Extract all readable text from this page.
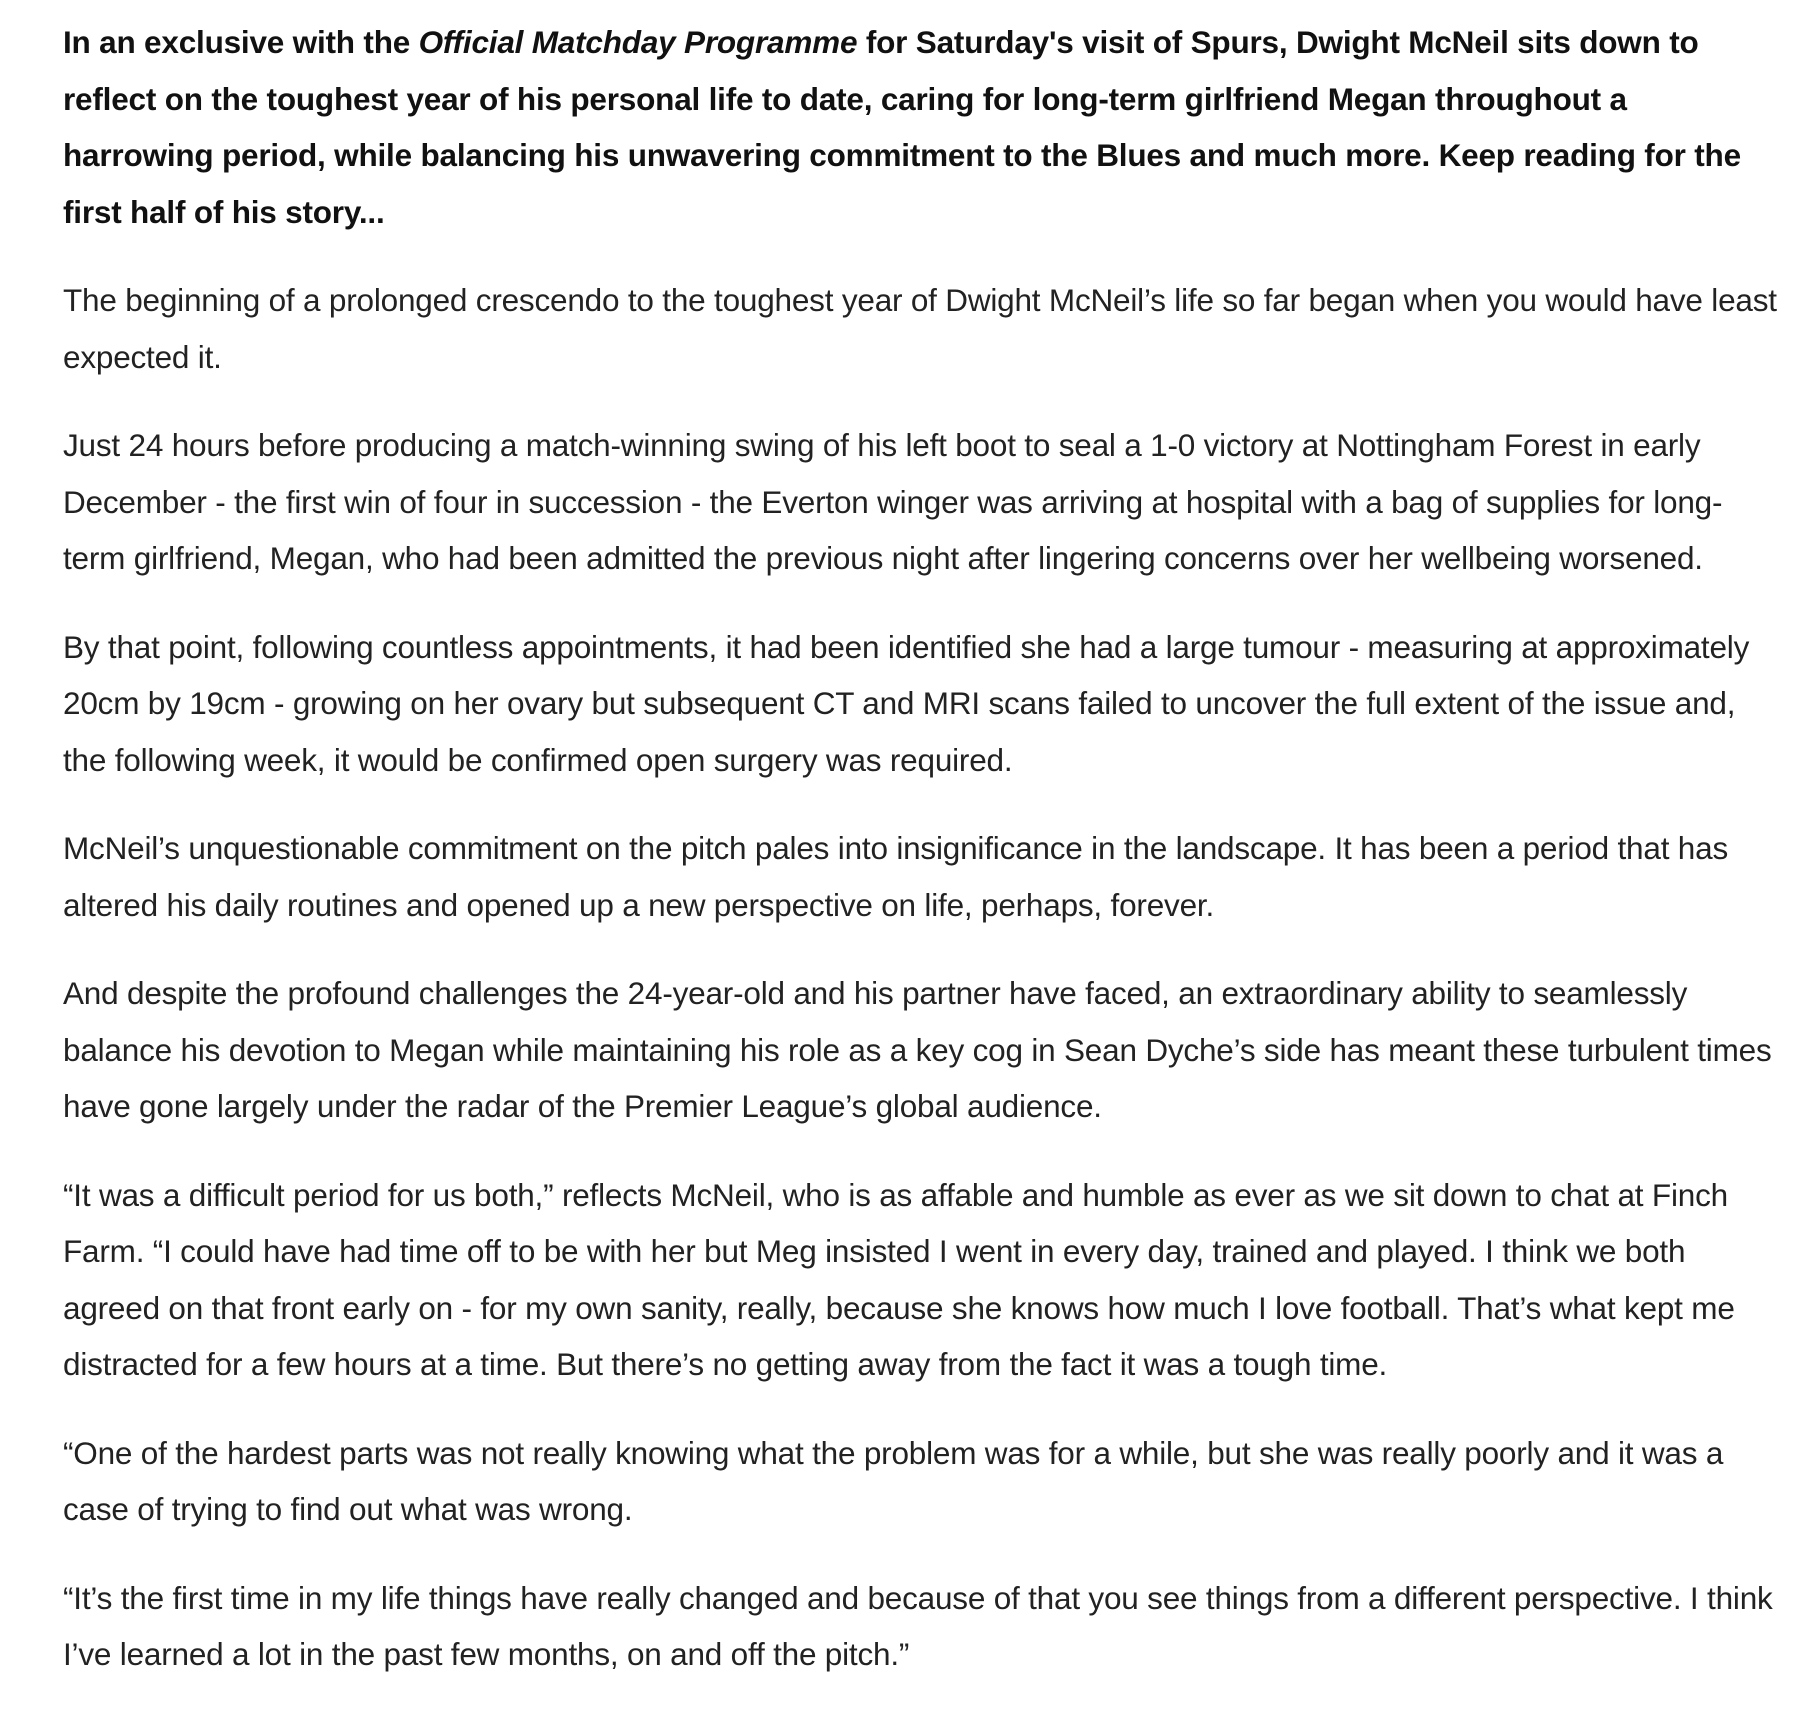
In an exclusive with the Official Matchday Programme for Saturday's visit of Spurs, Dwight McNeil sits down to reflect on the toughest year of his personal life to date, caring for long-term girlfriend Megan throughout a harrowing period, while balancing his unwavering commitment to the Blues and much more. Keep reading for the first half of his story...

The beginning of a prolonged crescendo to the toughest year of Dwight McNeil’s life so far began when you would have least expected it.

Just 24 hours before producing a match-winning swing of his left boot to seal a 1-0 victory at Nottingham Forest in early December - the first win of four in succession - the Everton winger was arriving at hospital with a bag of supplies for long-term girlfriend, Megan, who had been admitted the previous night after lingering concerns over her wellbeing worsened.

By that point, following countless appointments, it had been identified she had a large tumour - measuring at approximately 20cm by 19cm - growing on her ovary but subsequent CT and MRI scans failed to uncover the full extent of the issue and, the following week, it would be confirmed open surgery was required.

McNeil’s unquestionable commitment on the pitch pales into insignificance in the landscape. It has been a period that has altered his daily routines and opened up a new perspective on life, perhaps, forever.

And despite the profound challenges the 24-year-old and his partner have faced, an extraordinary ability to seamlessly balance his devotion to Megan while maintaining his role as a key cog in Sean Dyche’s side has meant these turbulent times have gone largely under the radar of the Premier League’s global audience.

“It was a difficult period for us both,” reflects McNeil, who is as affable and humble as ever as we sit down to chat at Finch Farm. “I could have had time off to be with her but Meg insisted I went in every day, trained and played. I think we both agreed on that front early on - for my own sanity, really, because she knows how much I love football. That’s what kept me distracted for a few hours at a time. But there’s no getting away from the fact it was a tough time.

“One of the hardest parts was not really knowing what the problem was for a while, but she was really poorly and it was a case of trying to find out what was wrong.

“It’s the first time in my life things have really changed and because of that you see things from a different perspective. I think I’ve learned a lot in the past few months, on and off the pitch.”
